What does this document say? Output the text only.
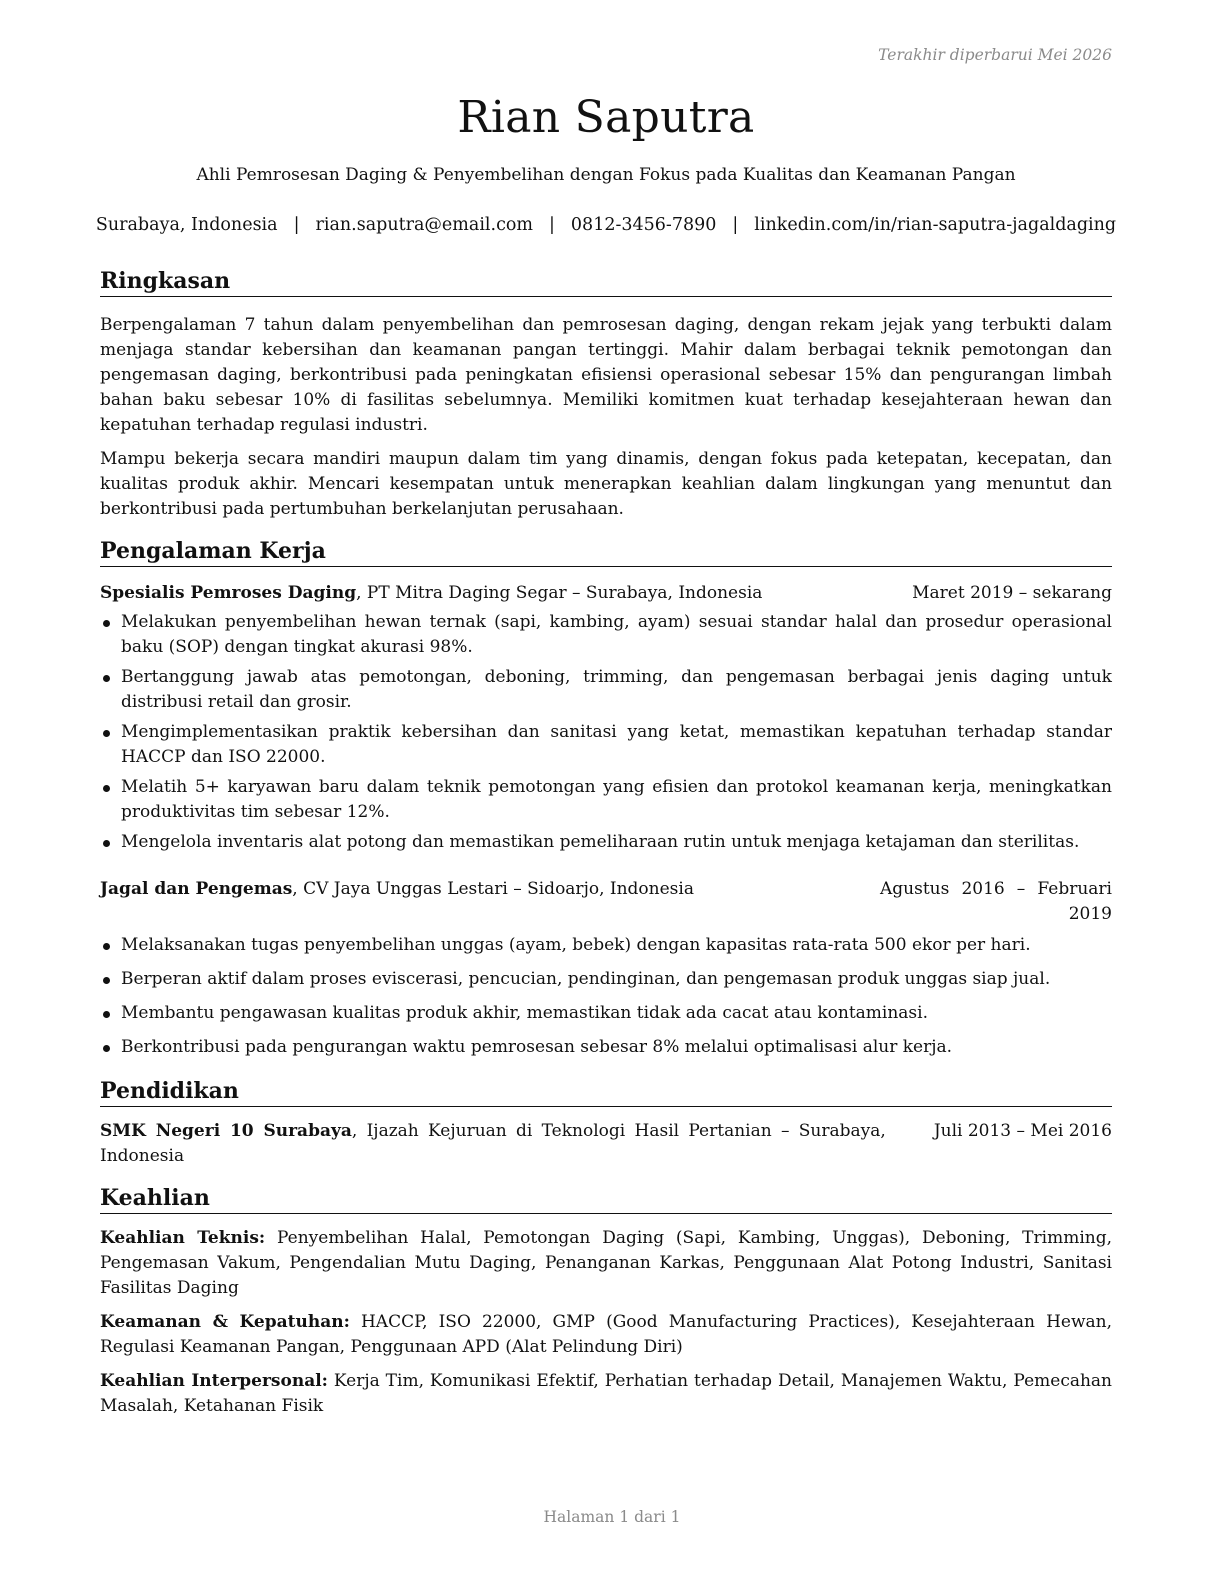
Terakhir diperbarui Mei 2026
Rian Saputra
Ahli Pemrosesan Daging & Penyembelihan dengan Fokus pada Kualitas dan Keamanan Pangan
Surabaya, Indonesia | rian.saputra@email.com | 0812-3456-7890 | linkedin.com/in/rian-saputra-jagaldaging
Ringkasan

Berpengalaman 7 tahun dalam penyembelihan dan pemrosesan daging, dengan rekam jejak yang terbukti dalam menjaga standar kebersihan dan keamanan pangan tertinggi. Mahir dalam berbagai teknik pemotongan dan pengemasan daging, berkontribusi pada peningkatan efisiensi operasional sebesar 15% dan pengurangan limbah bahan baku sebesar 10% di fasilitas sebelumnya. Memiliki komitmen kuat terhadap kesejahteraan hewan dan kepatuhan terhadap regulasi industri.

Mampu bekerja secara mandiri maupun dalam tim yang dinamis, dengan fokus pada ketepatan, kecepatan, dan kualitas produk akhir. Mencari kesempatan untuk menerapkan keahlian dalam lingkungan yang menuntut dan berkontribusi pada pertumbuhan berkelanjutan perusahaan.

Pengalaman Kerja
Spesialis Pemroses Daging, PT Mitra Daging Segar – Surabaya, Indonesia	Maret 2019 – sekarang
Melakukan penyembelihan hewan ternak (sapi, kambing, ayam) sesuai standar halal dan prosedur operasional baku (SOP) dengan tingkat akurasi 98%.
Bertanggung jawab atas pemotongan, deboning, trimming, dan pengemasan berbagai jenis daging untuk distribusi retail dan grosir.
Mengimplementasikan praktik kebersihan dan sanitasi yang ketat, memastikan kepatuhan terhadap standar HACCP dan ISO 22000.
Melatih 5+ karyawan baru dalam teknik pemotongan yang efisien dan protokol keamanan kerja, meningkatkan produktivitas tim sebesar 12%.
Mengelola inventaris alat potong dan memastikan pemeliharaan rutin untuk menjaga ketajaman dan sterilitas.
Jagal dan Pengemas, CV Jaya Unggas Lestari – Sidoarjo, Indonesia	Agustus 2016 – Februari 2019
Melaksanakan tugas penyembelihan unggas (ayam, bebek) dengan kapasitas rata-rata 500 ekor per hari.
Berperan aktif dalam proses eviscerasi, pencucian, pendinginan, dan pengemasan produk unggas siap jual.
Membantu pengawasan kualitas produk akhir, memastikan tidak ada cacat atau kontaminasi.
Berkontribusi pada pengurangan waktu pemrosesan sebesar 8% melalui optimalisasi alur kerja.
Pendidikan
SMK Negeri 10 Surabaya, Ijazah Kejuruan di Teknologi Hasil Pertanian – Surabaya, Indonesia
Juli 2013 – Mei 2016
Keahlian

Keahlian Teknis: Penyembelihan Halal, Pemotongan Daging (Sapi, Kambing, Unggas), Deboning, Trimming, Pengemasan Vakum, Pengendalian Mutu Daging, Penanganan Karkas, Penggunaan Alat Potong Industri, Sanitasi Fasilitas Daging

Keamanan & Kepatuhan: HACCP, ISO 22000, GMP (Good Manufacturing Practices), Kesejahteraan Hewan, Regulasi Keamanan Pangan, Penggunaan APD (Alat Pelindung Diri)

Keahlian Interpersonal: Kerja Tim, Komunikasi Efektif, Perhatian terhadap Detail, Manajemen Waktu, Pemecahan Masalah, Ketahanan Fisik

Halaman 1 dari 1
